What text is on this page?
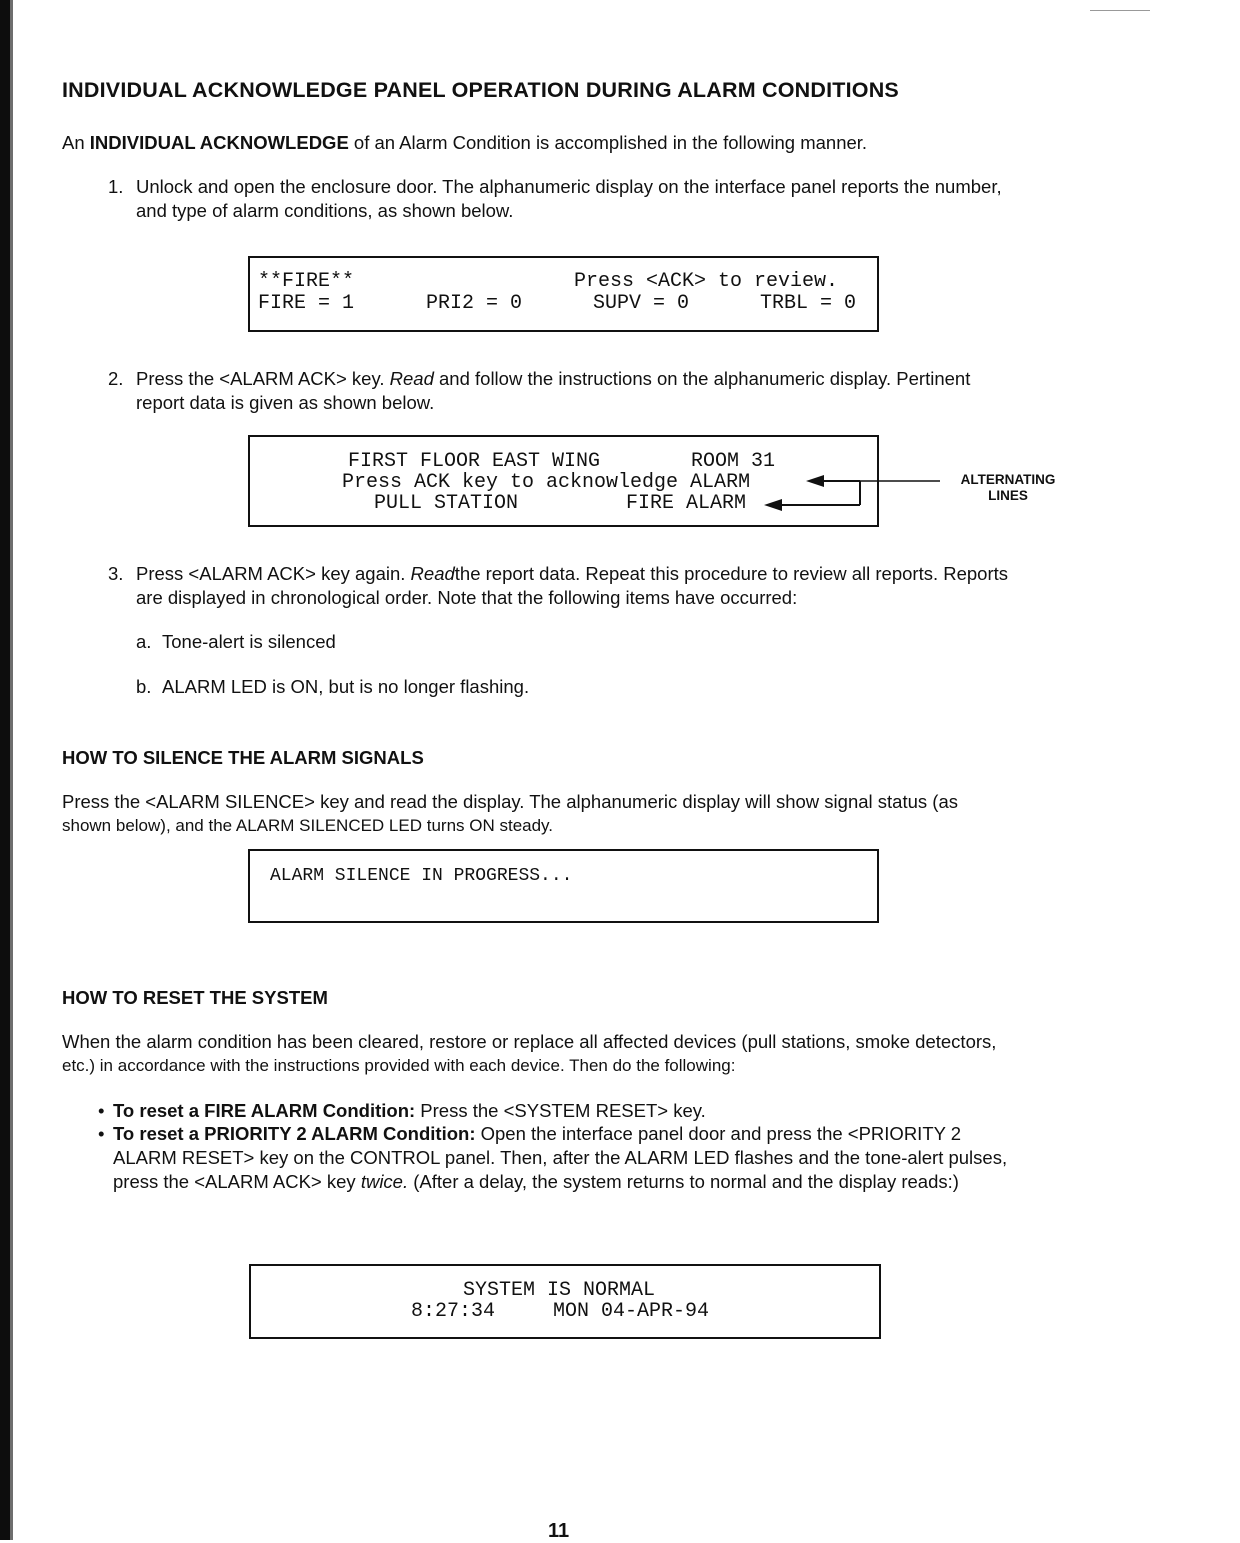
INDIVIDUAL ACKNOWLEDGE PANEL OPERATION DURING ALARM CONDITIONS

An INDIVIDUAL ACKNOWLEDGE of an Alarm Condition is accomplished in the following manner.

1. Unlock and open the enclosure door. The alphanumeric display on the interface panel reports the number,

and type of alarm conditions, as shown below.

**FIRE**	Press <ACK> to review.
FIRE = 1	PRI2 = 0	SUPV = 0	TRBL = 0
2. Press the <ALARM ACK> key. Read and follow the instructions on the alphanumeric display. Pertinent

report data is given as shown below.

FIRST FLOOR EAST WING	ROOM 31
Press ACK key to acknowledge ALARM
PULL STATION	FIRE ALARM
ALTERNATING
LINES
3. Press <ALARM ACK> key again. Readthe report data. Repeat this procedure to review all reports. Reports

are displayed in chronological order. Note that the following items have occurred:

a. Tone-alert is silenced

b. ALARM LED is ON, but is no longer flashing.

HOW TO SILENCE THE ALARM SIGNALS

Press the <ALARM SILENCE> key and read the display. The alphanumeric display will show signal status (as

shown below), and the ALARM SILENCED LED turns ON steady.

ALARM SILENCE IN PROGRESS...
HOW TO RESET THE SYSTEM

When the alarm condition has been cleared, restore or replace all affected devices (pull stations, smoke detectors,

etc.) in accordance with the instructions provided with each device. Then do the following:

• To reset a FIRE ALARM Condition: Press the <SYSTEM RESET> key.

• To reset a PRIORITY 2 ALARM Condition: Open the interface panel door and press the <PRIORITY 2

ALARM RESET> key on the CONTROL panel. Then, after the ALARM LED flashes and the tone-alert pulses,

press the <ALARM ACK> key twice. (After a delay, the system returns to normal and the display reads:)

SYSTEM IS NORMAL
8:27:34	MON 04-APR-94
11
